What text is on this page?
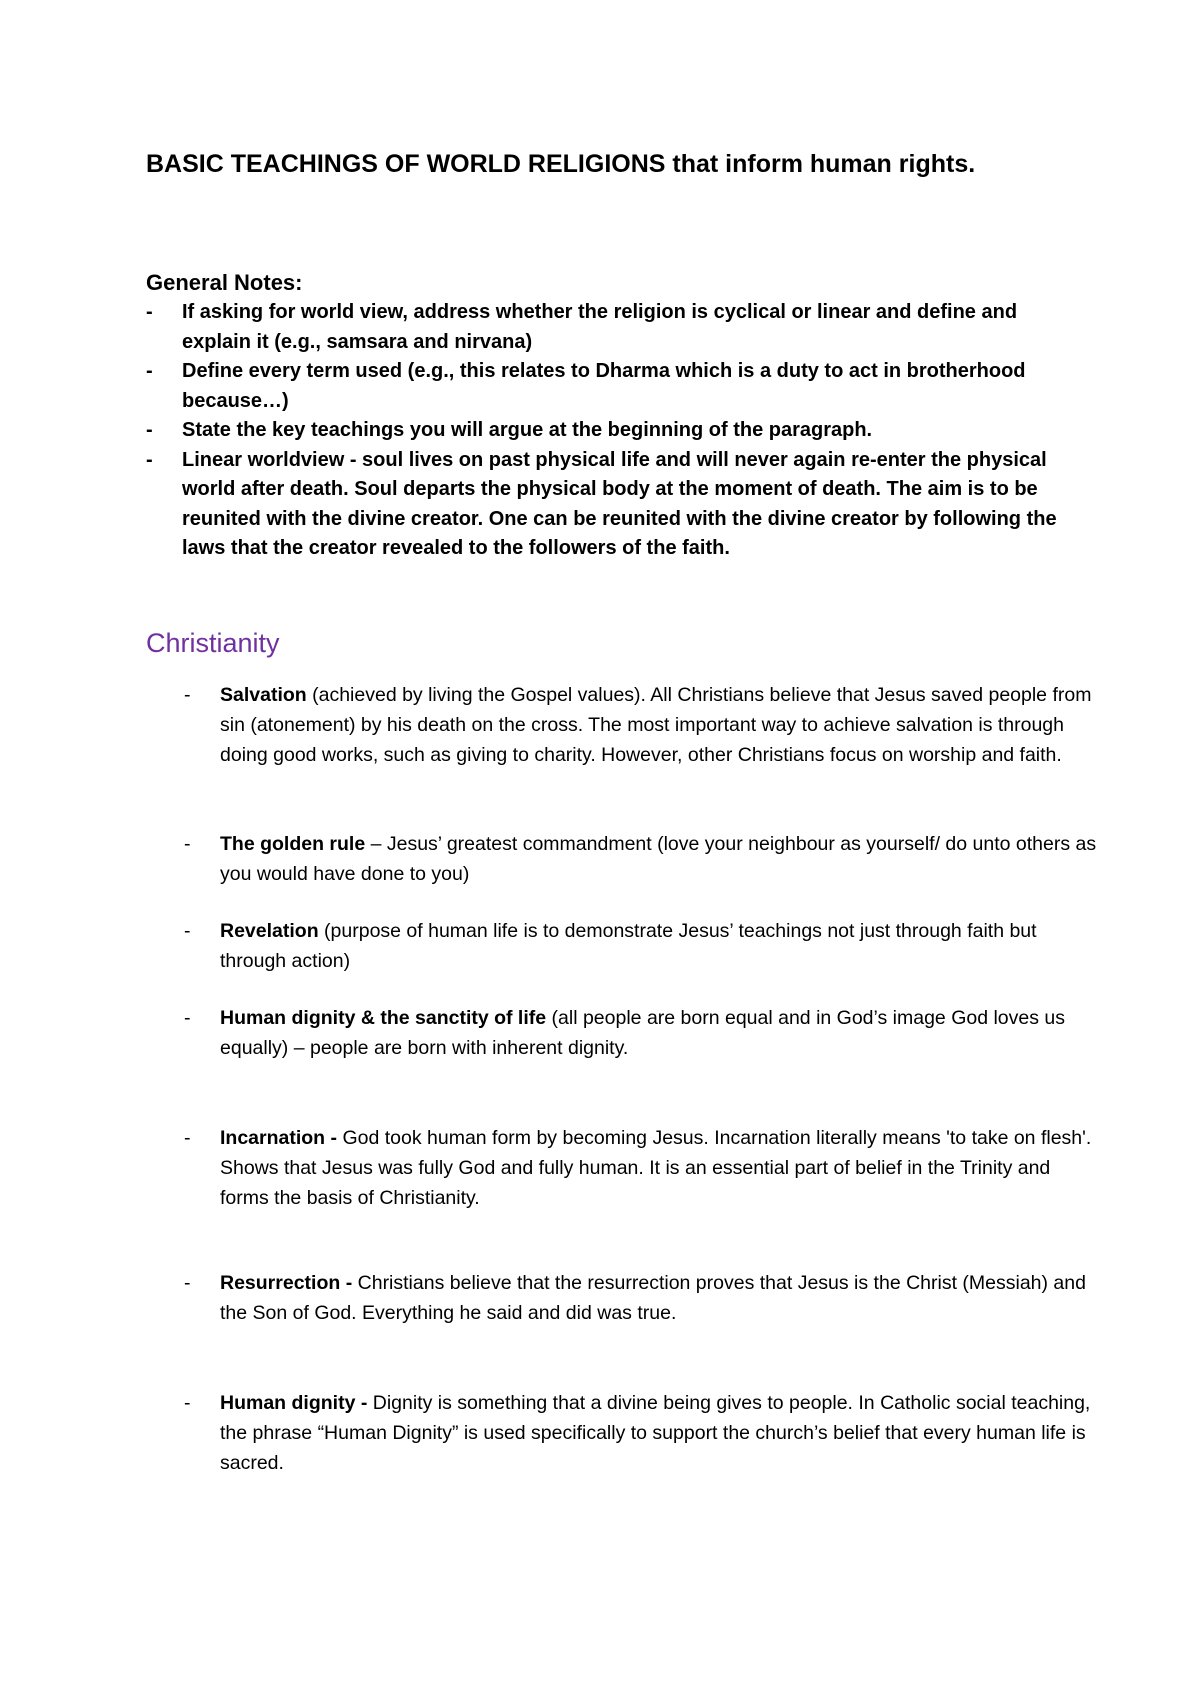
BASIC TEACHINGS OF WORLD RELIGIONS that inform human rights.
General Notes:
- If asking for world view, address whether the religion is cyclical or linear and define and explain it (e.g., samsara and nirvana)
- Define every term used (e.g., this relates to Dharma which is a duty to act in brotherhood because…)
- State the key teachings you will argue at the beginning of the paragraph.
- Linear worldview - soul lives on past physical life and will never again re-enter the physical world after death. Soul departs the physical body at the moment of death. The aim is to be reunited with the divine creator. One can be reunited with the divine creator by following the laws that the creator revealed to the followers of the faith.
Christianity
- Salvation (achieved by living the Gospel values). All Christians believe that Jesus saved people from sin (atonement) by his death on the cross. The most important way to achieve salvation is through doing good works, such as giving to charity. However, other Christians focus on worship and faith.
- The golden rule – Jesus’ greatest commandment (love your neighbour as yourself/ do unto others as you would have done to you)
- Revelation (purpose of human life is to demonstrate Jesus’ teachings not just through faith but through action)
- Human dignity & the sanctity of life (all people are born equal and in God’s image God loves us equally) – people are born with inherent dignity.
- Incarnation - God took human form by becoming Jesus. Incarnation literally means 'to take on flesh'. Shows that Jesus was fully God and fully human. It is an essential part of belief in the Trinity and forms the basis of Christianity.
- Resurrection - Christians believe that the resurrection proves that Jesus is the Christ (Messiah) and the Son of God. Everything he said and did was true.
- Human dignity - Dignity is something that a divine being gives to people. In Catholic social teaching, the phrase “Human Dignity” is used specifically to support the church’s belief that every human life is sacred.
